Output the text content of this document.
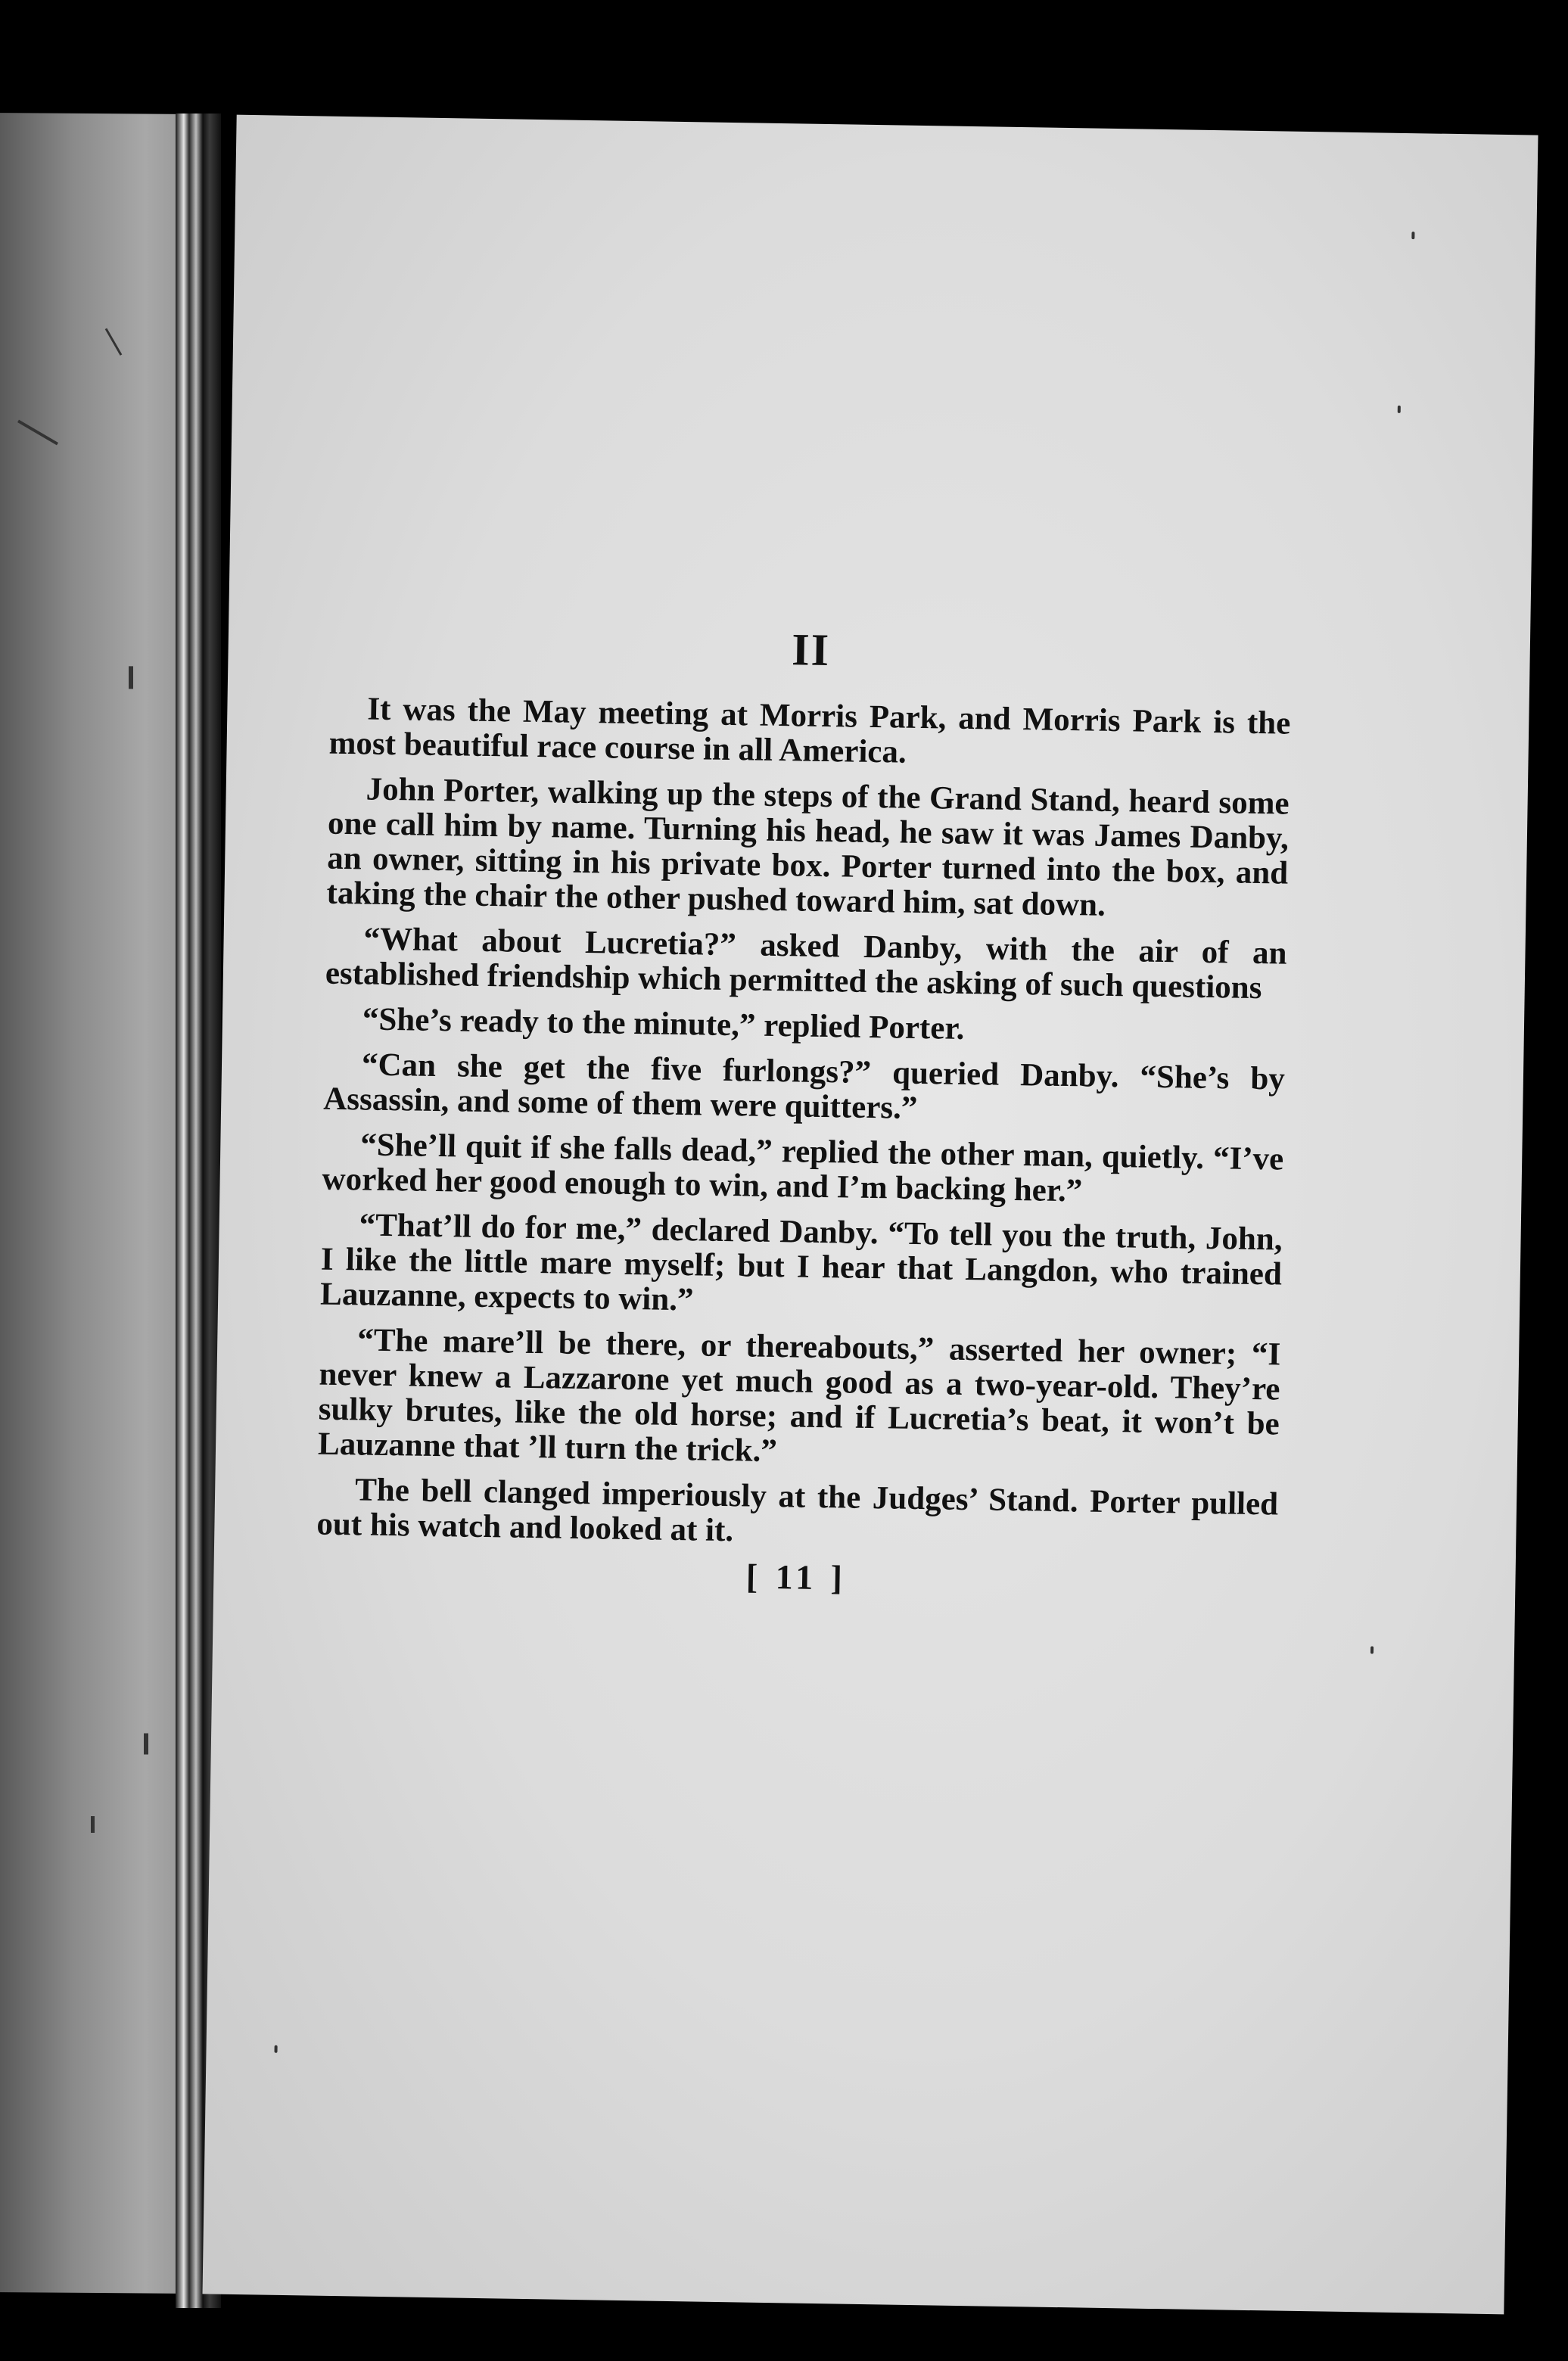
II

It was the May meeting at Morris Park, and Morris Park is the most beautiful race course in all America.

John Porter, walking up the steps of the Grand Stand, heard some one call him by name. Turning his head, he saw it was James Danby, an owner, sitting in his private box. Porter turned into the box, and taking the chair the other pushed toward him, sat down.

“What about Lucretia?” asked Danby, with the air of an established friendship which permitted the asking of such questions

“She’s ready to the minute,” replied Porter.

“Can she get the five furlongs?” queried Danby. “She’s by Assassin, and some of them were quitters.”

“She’ll quit if she falls dead,” replied the other man, quietly. “I’ve worked her good enough to win, and I’m backing her.”

“That’ll do for me,” declared Danby. “To tell you the truth, John, I like the little mare myself; but I hear that Langdon, who trained Lauzanne, expects to win.”

“The mare’ll be there, or thereabouts,” asserted her owner; “I never knew a Lazzarone yet much good as a two-year-old. They’re sulky brutes, like the old horse; and if Lucretia’s beat, it won’t be Lauzanne that ’ll turn the trick.”

The bell clanged imperiously at the Judges’ Stand. Porter pulled out his watch and looked at it.

[ 11 ]
